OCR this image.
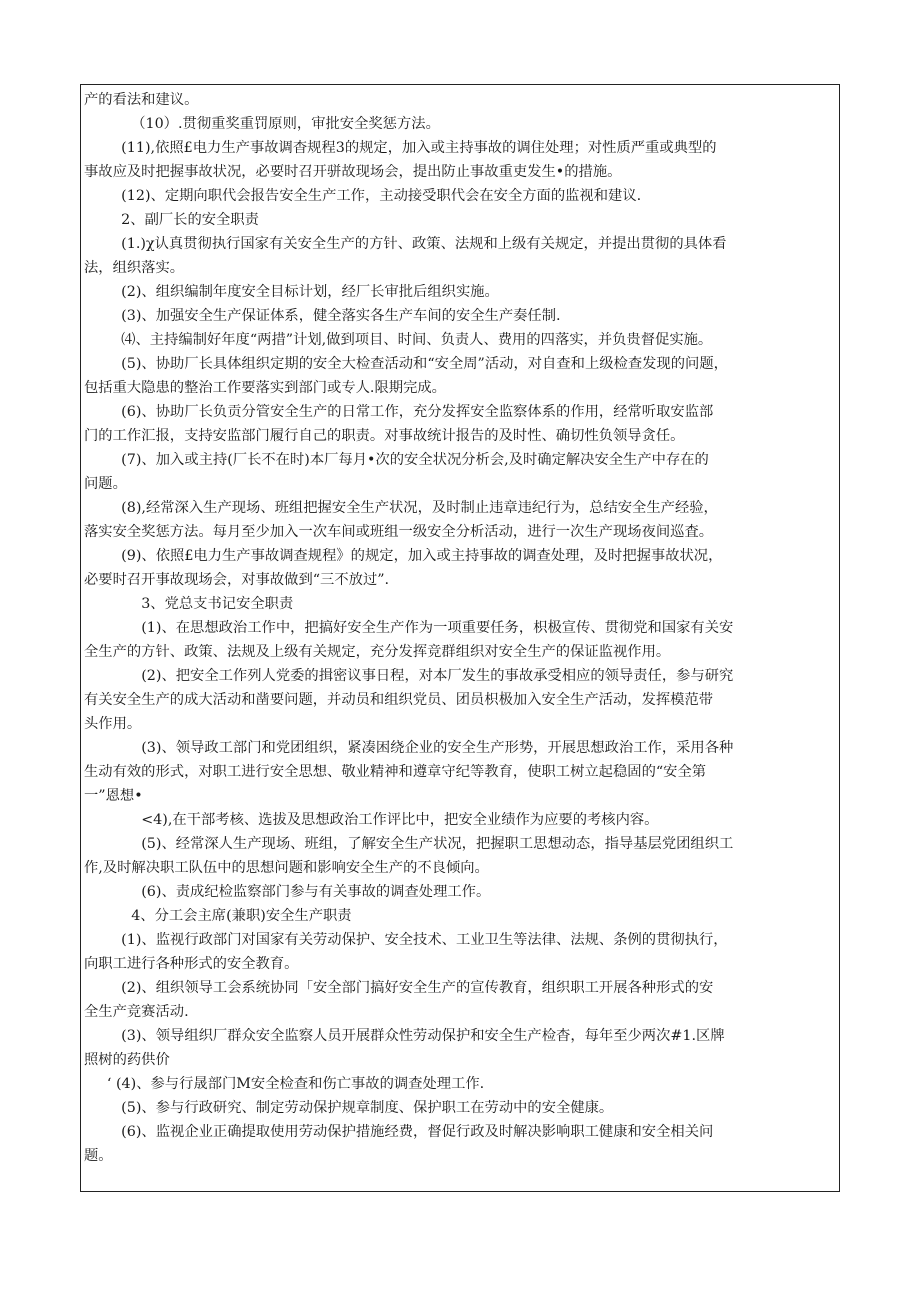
产的看法和建议。
（10）.贯彻重奖重罚原则，审批安全奖惩方法。
(11),依照£电力生产事故调杳规程3的规定，加入或主持事故的调住处理；对性质严重或典型的
事故应及时把握事故状况，必要时召开骈故现场会，提出防止事故重吏发生•的措施。
(12)、定期向职代会报告安全生产工作，主动接受职代会在安全方面的监视和建议.
2、副厂长的安全职责
(1.)χ认真贯彻执行国家有关安全生产的方针、政策、法规和上级有关规定，并提出贯彻的具体看
法，组织落实。
(2)、组织编制年度安全目标计划，经厂长审批后组织实施。
(3)、加强安全生产保证体系，健全落实各生产车间的安全生产奏任制.
⑷、主持编制好年度“两措”计划,做到项目、时间、负责人、费用的四落实，并负贵督促实施。
(5)、协助厂长具体组织定期的安全大检查活动和“安全周”活动，对自查和上级检查发现的问题，
包括重大隐患的整治工作要落实到部门或专人.限期完成。
(6)、协助厂长负贡分管安全生产的日常工作，充分发挥安全监察体系的作用，经常听取安监部
门的工作汇报，支持安监部门履行自己的职责。对事故统计报告的及时性、确切性负领导贪任。
(7)、加入或主持(厂长不在时)本厂每月•次的安全状况分析会,及时确定解决安全生产中存在的
问题。
(8),经常深入生产现场、班组把握安全生产状况，及时制止违章违纪行为，总结安全生产经验，
落实安全奖惩方法。每月至少加入一次车间或班组一级安全分析活动，进行一次生产现场夜间巡査。
(9)、依照£电力生产事故调查规程》的规定，加入或主持事故的调查处理，及时把握事故状况，
必要时召开事故现场会，对事故做到“三不放过”.
3、党总支书记安全职责
(1)、在思想政治工作中，把搞好安全生产作为一项重要任务，枳极宣传、贯彻党和国家有关安
全生产的方针、政策、法规及上级有关规定，充分发挥竞群组织对安全生产的保证监视作用。
(2)、把安全工作列人党委的揖密议事日程，对本厂发生的事故承受相应的领导责任，参与研究
有关安全生产的成大活动和凿要问题，并动员和组织党员、团员枳极加入安全生产活动，发挥模范带
头作用。
(3)、领导政工部门和党团组织，紧凑困绕企业的安全生产形势，开展思想政治工作，采用各种
生动有效的形式，对职工进行安全思想、敬业精神和遵章守纪等教育，使职工树立起稳固的“安全第
一”恩想•
<4),在干部考核、选拔及思想政治工作评比中，把安全业绩作为应要的考核内容。
(5)、经常深人生产现场、班组，了解安全生产状况，把握职工思想动态，指导基层党团组织工
作,及时解决职工队伍中的思想问题和影响安全生产的不良倾向。
(6)、责成纪检监察部门参与有关事故的调查处理工作。
4、分工会主席(兼职)安全生产职责
(1)、监视行政部门对国家有关劳动保护、安全技术、工业卫生等法律、法规、条例的贯彻执行，
向职工进行各种形式的安全教育。
(2)、组织领导工会系统协同「安全部门搞好安全生产的宣传教育，组织职工开展各种形式的安
全生产竞赛活动.
(3)、领导组织厂群众安全监察人员开展群众性劳动保护和安全生产检杳，每年至少两次#1.区牌
照树的药供价
‘ (4)、参与行晟部门M安全检查和伤亡事故的调查处理工作.
(5)、参与行政研究、制定劳动保护规章制度、保护职工在劳动中的安全健康。
(6)、监视企业正确提取使用劳动保护措施经费，督促行政及时解决影响职工健康和安全相关问
题。
